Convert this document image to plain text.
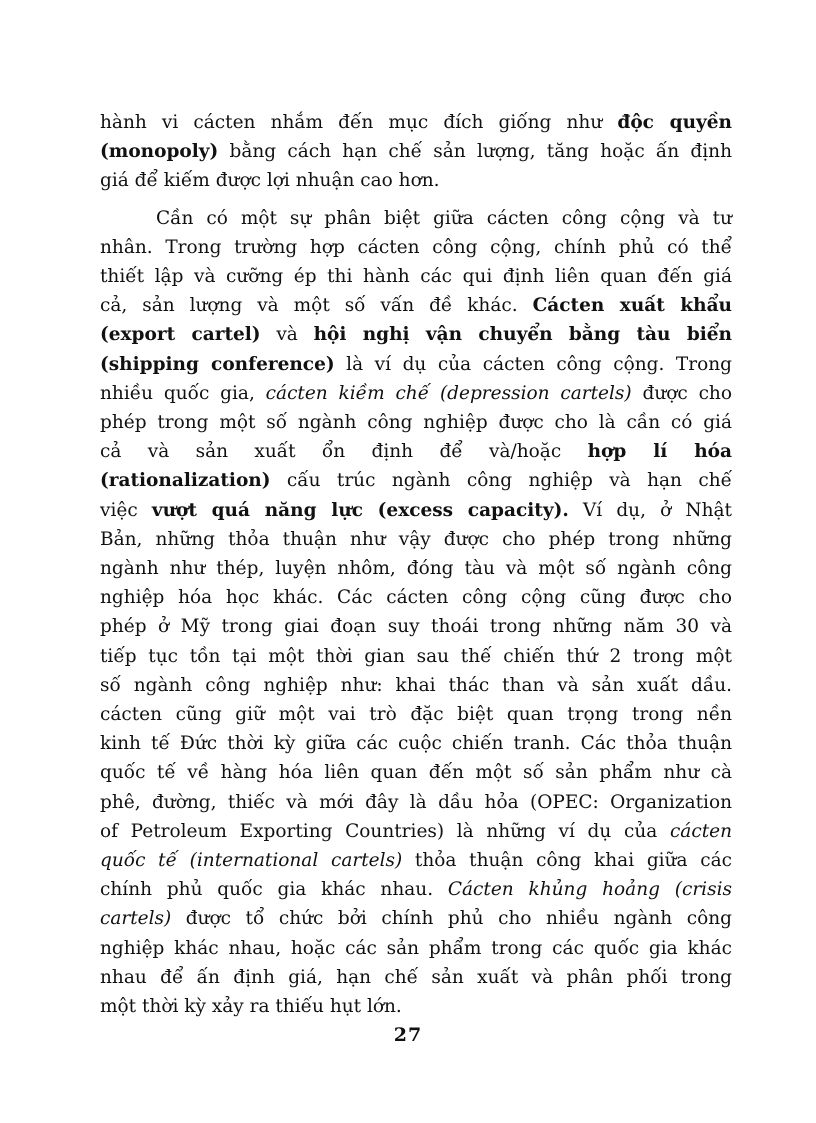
hành vi cácten nhắm đến mục đích giống như độc quyền
(monopoly) bằng cách hạn chế sản lượng, tăng hoặc ấn định
giá để kiếm được lợi nhuận cao hơn.

Cần có một sự phân biệt giữa cácten công cộng và tư
nhân. Trong trường hợp cácten công cộng, chính phủ có thể
thiết lập và cưỡng ép thi hành các qui định liên quan đến giá
cả, sản lượng và một số vấn đề khác. Cácten xuất khẩu
(export cartel) và hội nghị vận chuyển bằng tàu biển
(shipping conference) là ví dụ của cácten công cộng. Trong
nhiều quốc gia, cácten kiềm chế (depression cartels) được cho
phép trong một số ngành công nghiệp được cho là cần có giá
cả và sản xuất ổn định để và/hoặc hợp lí hóa
(rationalization) cấu trúc ngành công nghiệp và hạn chế
việc vượt quá năng lực (excess capacity). Ví dụ, ở Nhật
Bản, những thỏa thuận như vậy được cho phép trong những
ngành như thép, luyện nhôm, đóng tàu và một số ngành công
nghiệp hóa học khác. Các cácten công cộng cũng được cho
phép ở Mỹ trong giai đoạn suy thoái trong những năm 30 và
tiếp tục tồn tại một thời gian sau thế chiến thứ 2 trong một
số ngành công nghiệp như: khai thác than và sản xuất dầu.
cácten cũng giữ một vai trò đặc biệt quan trọng trong nền
kinh tế Đức thời kỳ giữa các cuộc chiến tranh. Các thỏa thuận
quốc tế về hàng hóa liên quan đến một số sản phẩm như cà
phê, đường, thiếc và mới đây là dầu hỏa (OPEC: Organization
of Petroleum Exporting Countries) là những ví dụ của cácten
quốc tế (international cartels) thỏa thuận công khai giữa các
chính phủ quốc gia khác nhau. Cácten khủng hoảng (crisis
cartels) được tổ chức bởi chính phủ cho nhiều ngành công
nghiệp khác nhau, hoặc các sản phẩm trong các quốc gia khác
nhau để ấn định giá, hạn chế sản xuất và phân phối trong
một thời kỳ xảy ra thiếu hụt lớn.

27
